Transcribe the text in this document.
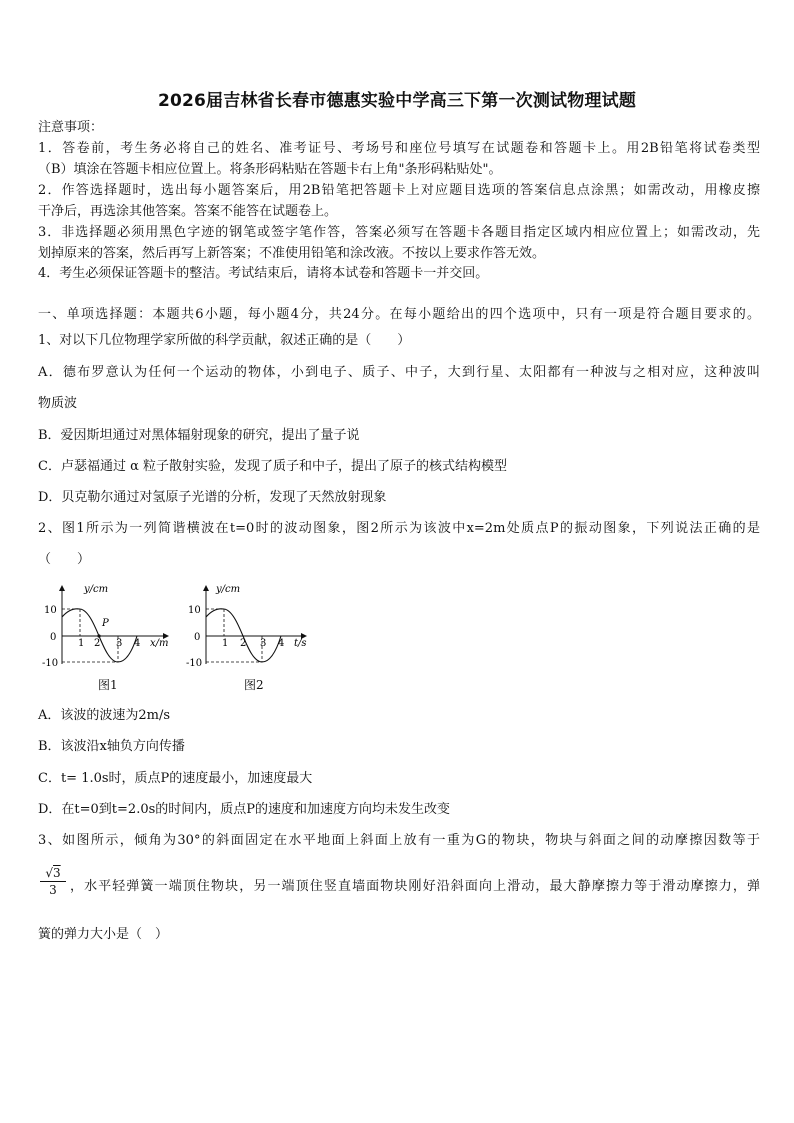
2026届吉林省长春市德惠实验中学高三下第一次测试物理试题
注意事项：
1．答卷前，考生务必将自己的姓名、准考证号、考场号和座位号填写在试题卷和答题卡上。用2B铅笔将试卷类型
（B）填涂在答题卡相应位置上。将条形码粘贴在答题卡右上角"条形码粘贴处"。
2．作答选择题时，选出每小题答案后，用2B铅笔把答题卡上对应题目选项的答案信息点涂黑；如需改动，用橡皮擦
干净后，再选涂其他答案。答案不能答在试题卷上。
3．非选择题必须用黑色字迹的钢笔或签字笔作答，答案必须写在答题卡各题目指定区域内相应位置上；如需改动，先
划掉原来的答案，然后再写上新答案；不准使用铅笔和涂改液。不按以上要求作答无效。
4．考生必须保证答题卡的整洁。考试结束后，请将本试卷和答题卡一并交回。
一、单项选择题：本题共6小题，每小题4分，共24分。在每小题给出的四个选项中，只有一项是符合题目要求的。
1、对以下几位物理学家所做的科学贡献，叙述正确的是（　　）
A．德布罗意认为任何一个运动的物体，小到电子、质子、中子，大到行星、太阳都有一种波与之相对应，这种波叫
物质波
B．爱因斯坦通过对黑体辐射现象的研究，提出了量子说
C．卢瑟福通过 α 粒子散射实验，发现了质子和中子，提出了原子的核式结构模型
D．贝克勒尔通过对氢原子光谱的分析，发现了天然放射现象
2、图1所示为一列简谐横波在t=0时的波动图象，图2所示为该波中x=2m处质点P的振动图象，下列说法正确的是
（　　）
y/cm
10
0
-10
1 2 3 4 x/m
P
图1
y/cm
10
0
-10
1 2 3 4 t/s
图2
A．该波的波速为2m/s
B．该波沿x轴负方向传播
C．t= 1.0s时，质点P的速度最小，加速度最大
D．在t=0到t=2.0s的时间内，质点P的速度和加速度方向均未发生改变
3、如图所示，倾角为30°的斜面固定在水平地面上斜面上放有一重为G的物块，物块与斜面之间的动摩擦因数等于
$\frac{√3}{3}$ ，水平轻弹簧一端顶住物块，另一端顶住竖直墙面物块刚好沿斜面向上滑动，最大静摩擦力等于滑动摩擦力，弹
簧的弹力大小是（　）
